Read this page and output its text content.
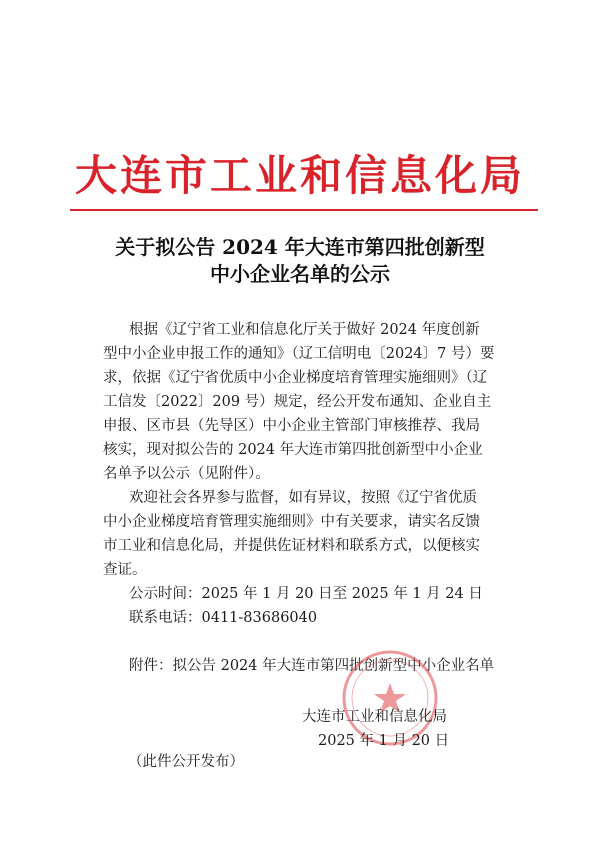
大连市工业和信息化局
关于拟公告 2024 年大连市第四批创新型
中小企业名单的公示
根据《辽宁省工业和信息化厅关于做好 2024 年度创新
型中小企业申报工作的通知》（辽工信明电〔2024〕7 号）要
求，依据《辽宁省优质中小企业梯度培育管理实施细则》（辽
工信发〔2022〕209 号）规定，经公开发布通知、企业自主
申报、区市县（先导区）中小企业主管部门审核推荐、我局
核实，现对拟公告的 2024 年大连市第四批创新型中小企业
名单予以公示（见附件）。
欢迎社会各界参与监督，如有异议，按照《辽宁省优质
中小企业梯度培育管理实施细则》中有关要求，请实名反馈
市工业和信息化局，并提供佐证材料和联系方式，以便核实
查证。
公示时间：2025 年 1 月 20 日至 2025 年 1 月 24 日
联系电话：0411-83686040
附件：拟公告 2024 年大连市第四批创新型中小企业名单
大连市工业和信息化局
2025 年 1 月 20 日
（此件公开发布）
